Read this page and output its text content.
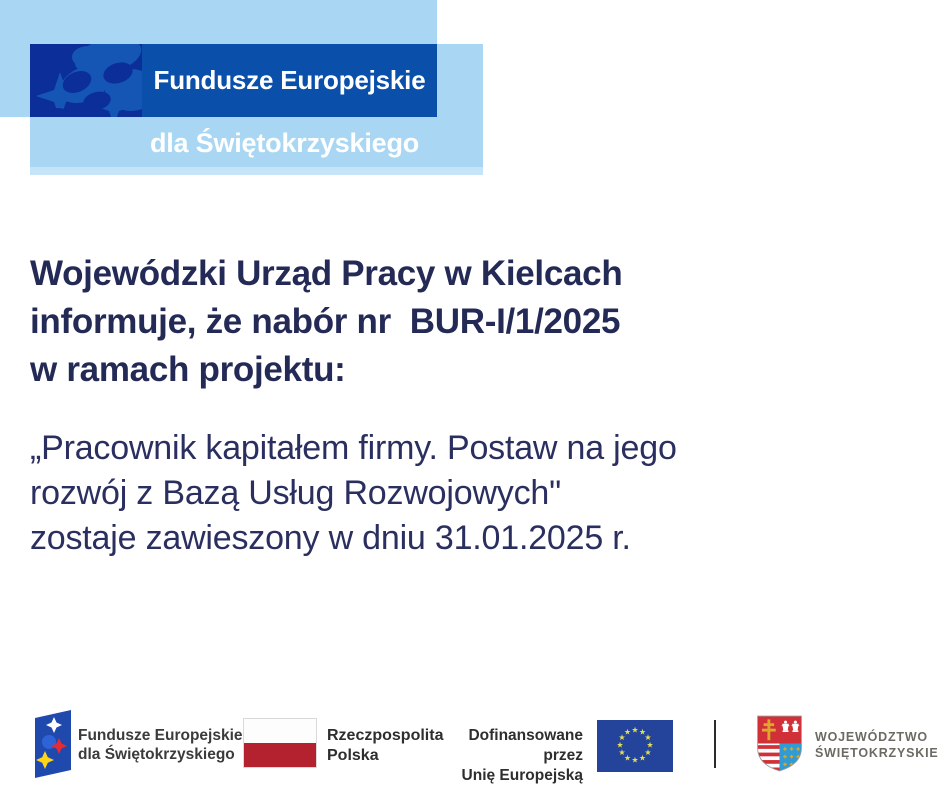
Fundusze Europejskie
dla Świętokrzyskiego
Wojewódzki Urząd Pracy w Kielcach
informuje, że nabór nr  BUR-I/1/2025
w ramach projektu:
„Pracownik kapitałem firmy. Postaw na jego
rozwój z Bazą Usług Rozwojowych"
zostaje zawieszony w dniu 31.01.2025 r.
Fundusze Europejskie
dla Świętokrzyskiego
Rzeczpospolita
Polska
Dofinansowane przez
Unię Europejską
WOJEWÓDZTWO
ŚWIĘTOKRZYSKIE
